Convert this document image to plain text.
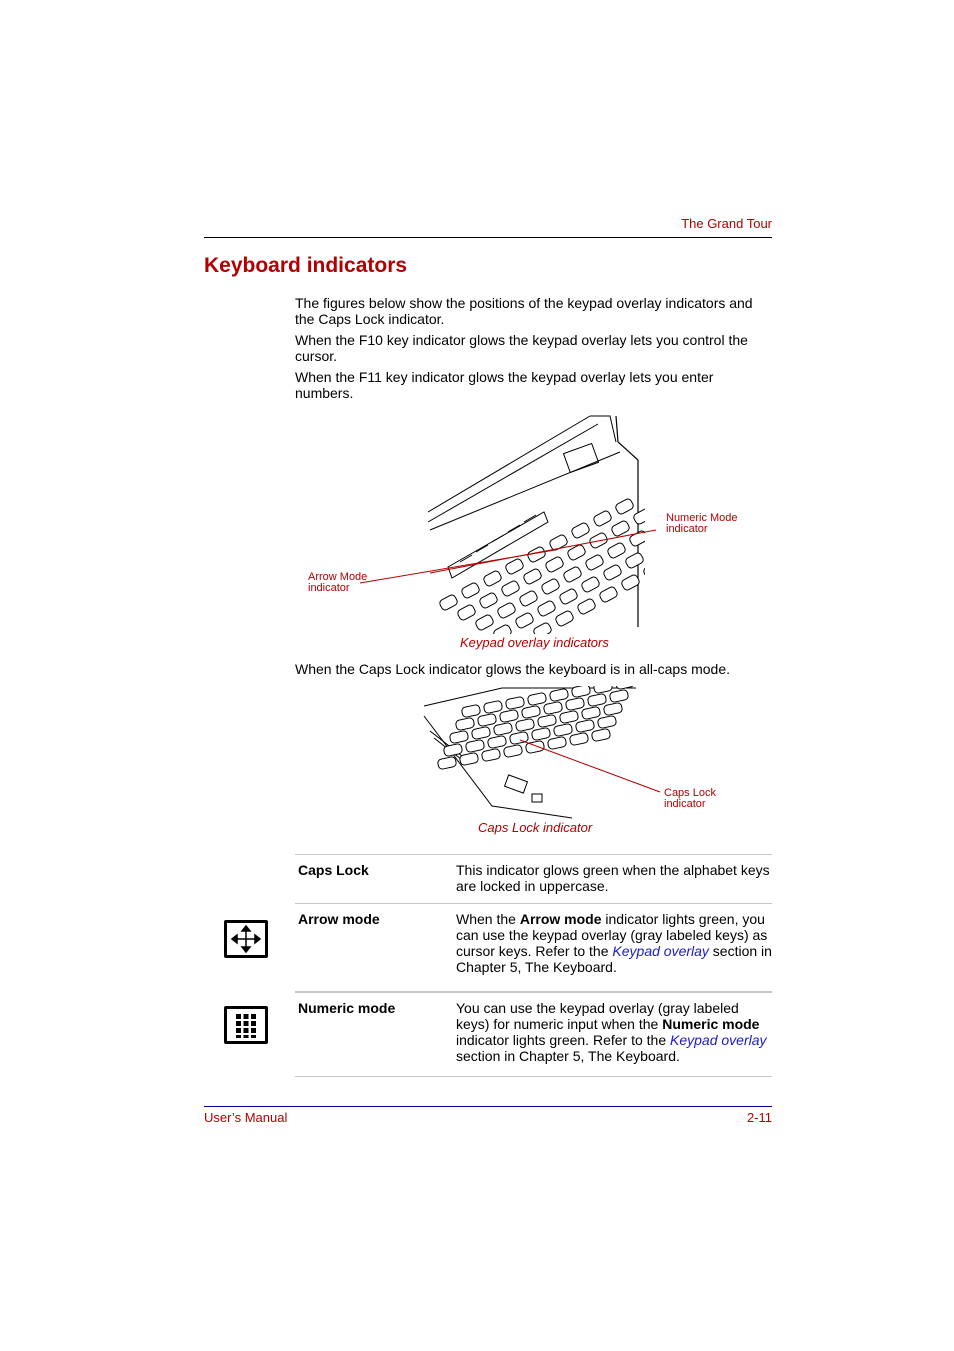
The Grand Tour
Keyboard indicators
The figures below show the positions of the keypad overlay indicators and the Caps Lock indicator.
When the F10 key indicator glows the keypad overlay lets you control the cursor.
When the F11 key indicator glows the keypad overlay lets you enter numbers.
Numeric Mode
indicator
Arrow Mode
indicator
Keypad overlay indicators
When the Caps Lock indicator glows the keyboard is in all-caps mode.
Caps Lock
indicator
Caps Lock indicator
Caps Lock	This indicator glows green when the alphabet keys are locked in uppercase.
Arrow mode	When the Arrow mode indicator lights green, you can use the keypad overlay (gray labeled keys) as cursor keys. Refer to the Keypad overlay section in Chapter 5, The Keyboard.
Numeric mode	You can use the keypad overlay (gray labeled keys) for numeric input when the Numeric mode indicator lights green. Refer to the Keypad overlay section in Chapter 5, The Keyboard.
User’s Manual	2-11
